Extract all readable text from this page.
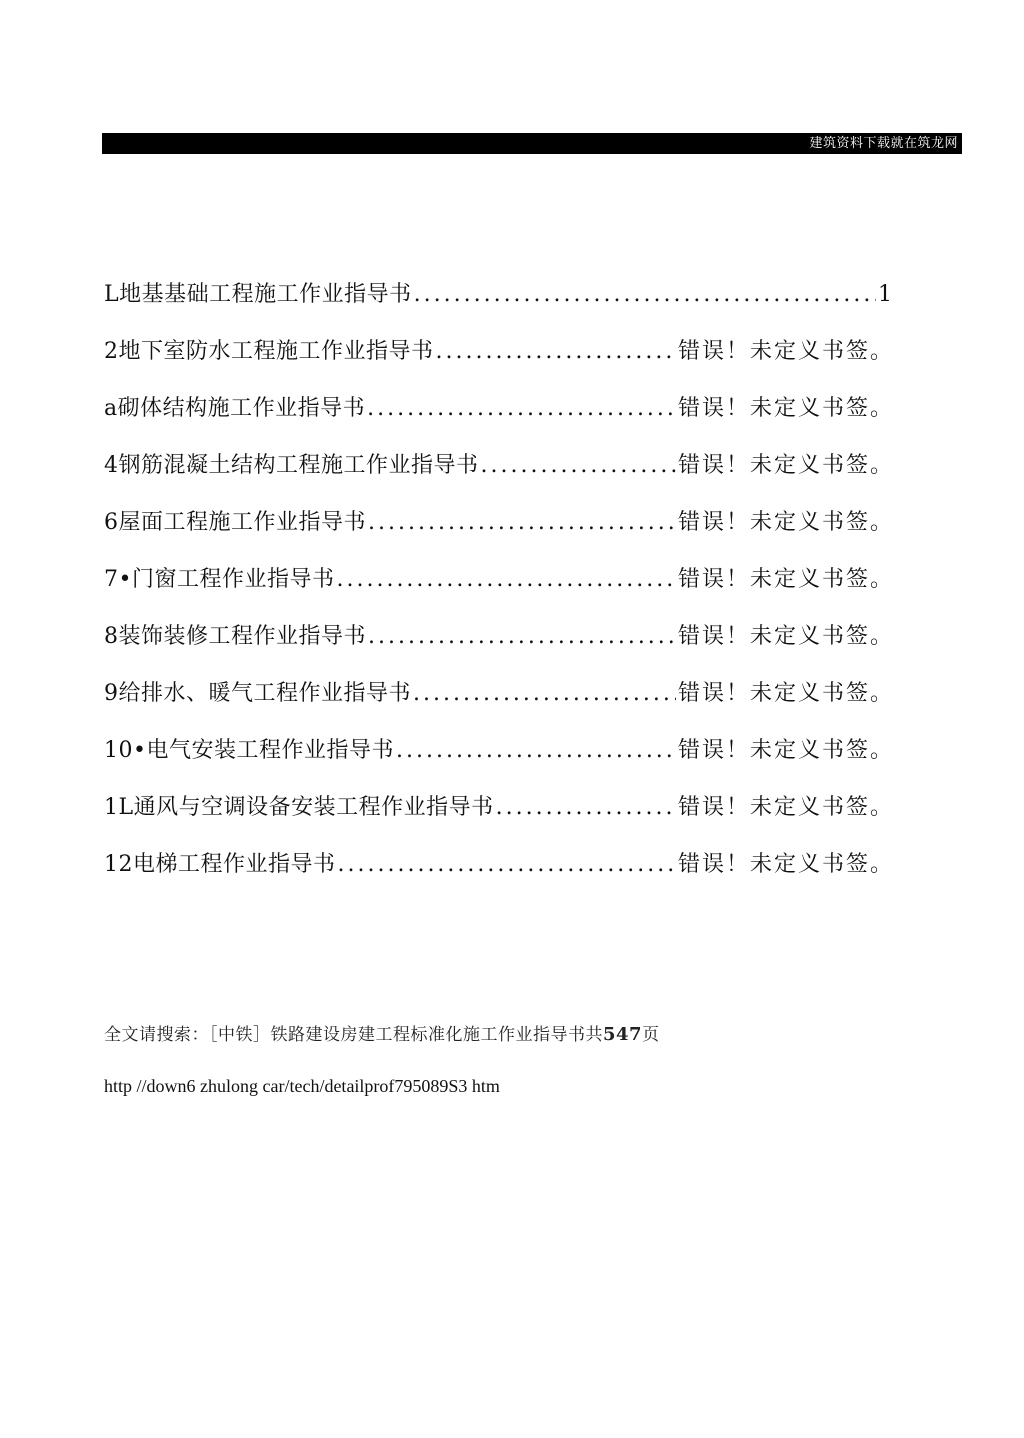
建筑资料下载就在筑龙网
L地基基础工程施工作业指导书 .....	1
2地下室防水工程施工作业指导书 .....	错误！未定义书签。
a砌体结构施工作业指导书 .....	错误！未定义书签。
4钢筋混凝土结构工程施工作业指导书 .....	错误！未定义书签。
6屋面工程施工作业指导书 .....	错误！未定义书签。
7•门窗工程作业指导书 .....	错误！未定义书签。
8装饰装修工程作业指导书 .....	错误！未定义书签。
9给排水、暖气工程作业指导书 .....	错误！未定义书签。
10•电气安装工程作业指导书 .....	错误！未定义书签。
1L通风与空调设备安装工程作业指导书 .....	错误！未定义书签。
12电梯工程作业指导书 .....	错误！未定义书签。
全文请搜索：［中铁］铁路建设房建工程标准化施工作业指导书共547页
http //down6 zhulong car/tech/detailprof795089S3 htm
